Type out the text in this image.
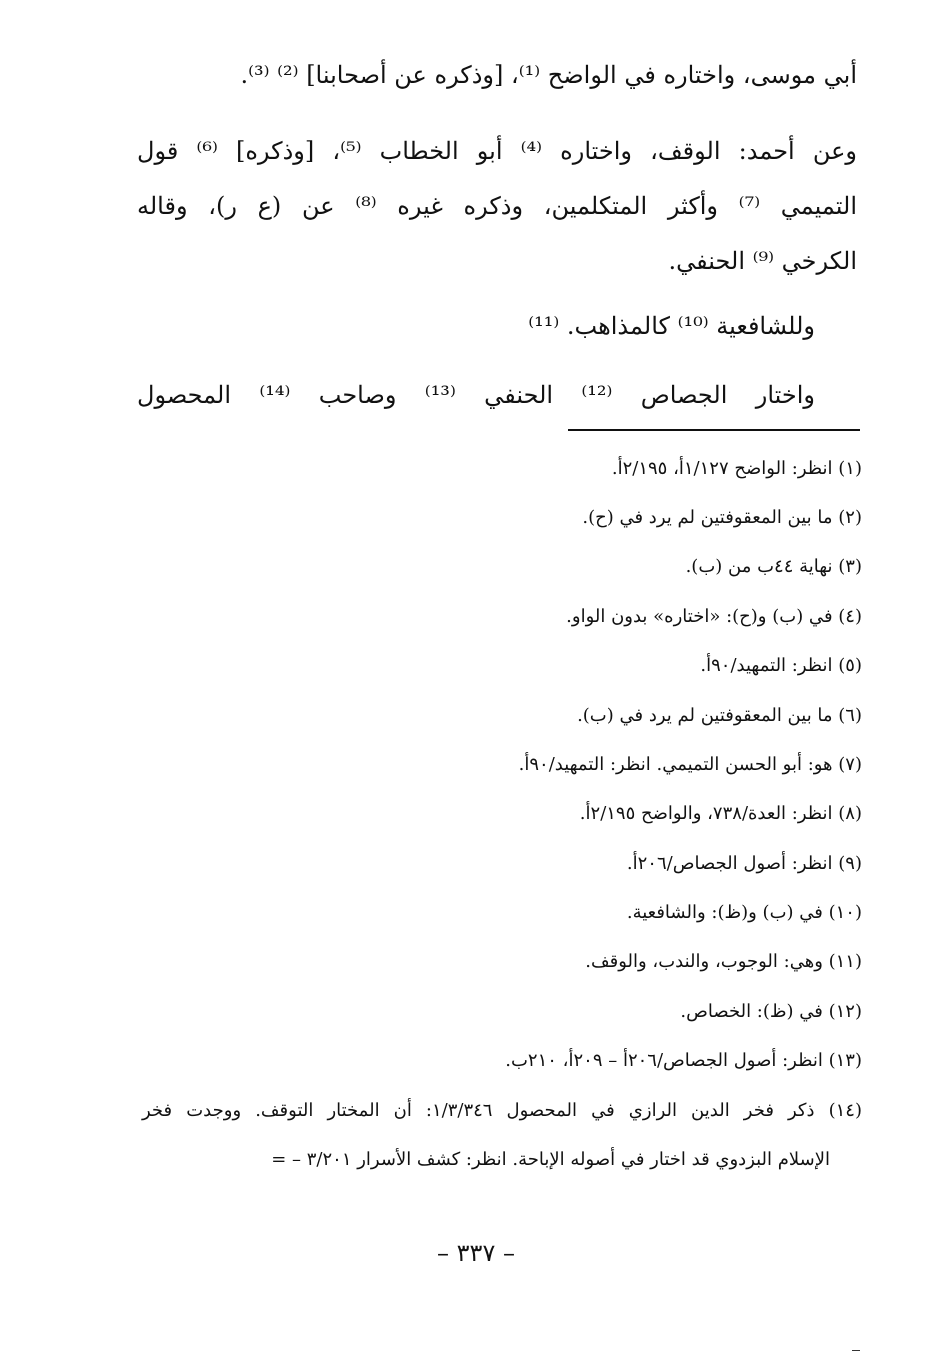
أبي موسى، واختاره في الواضح ⁽¹⁾، [وذكره عن أصحابنا] ⁽²⁾ ⁽³⁾.
وعن أحمد: الوقف، واختاره ⁽⁴⁾ أبو الخطاب ⁽⁵⁾، [وذكره] ⁽⁶⁾ قول
التميمي ⁽⁷⁾ وأكثر المتكلمين، وذكره غيره ⁽⁸⁾ عن (ع ر)، وقاله
الكرخي ⁽⁹⁾ الحنفي.
وللشافعية ⁽¹⁰⁾ كالمذاهب. ⁽¹¹⁾
واختار الجصاص ⁽¹²⁾ الحنفي ⁽¹³⁾ وصاحب ⁽¹⁴⁾ المحصول
(١) انظر: الواضح ١/١٢٧أ، ٢/١٩٥أ.
(٢) ما بين المعقوفتين لم يرد في (ح).
(٣) نهاية ٤٤ب من (ب).
(٤) في (ب) و(ح): «اختاره» بدون الواو.
(٥) انظر: التمهيد/٩٠أ.
(٦) ما بين المعقوفتين لم يرد في (ب).
(٧) هو: أبو الحسن التميمي. انظر: التمهيد/٩٠أ.
(٨) انظر: العدة/٧٣٨، والواضح ٢/١٩٥أ.
(٩) انظر: أصول الجصاص/٢٠٦أ.
(١٠) في (ب) و(ظ): والشافعية.
(١١) وهي: الوجوب، والندب، والوقف.
(١٢) في (ظ): الخصاص.
(١٣) انظر: أصول الجصاص/٢٠٦أ – ٢٠٩أ، ٢١٠ب.
(١٤) ذكر فخر الدين الرازي في المحصول ١/٣/٣٤٦: أن المختار التوقف. ووجدت فخر
الإسلام البزدوي قد اختار في أصوله الإباحة. انظر: كشف الأسرار ٣/٢٠١ – =
– ٣٣٧ –
